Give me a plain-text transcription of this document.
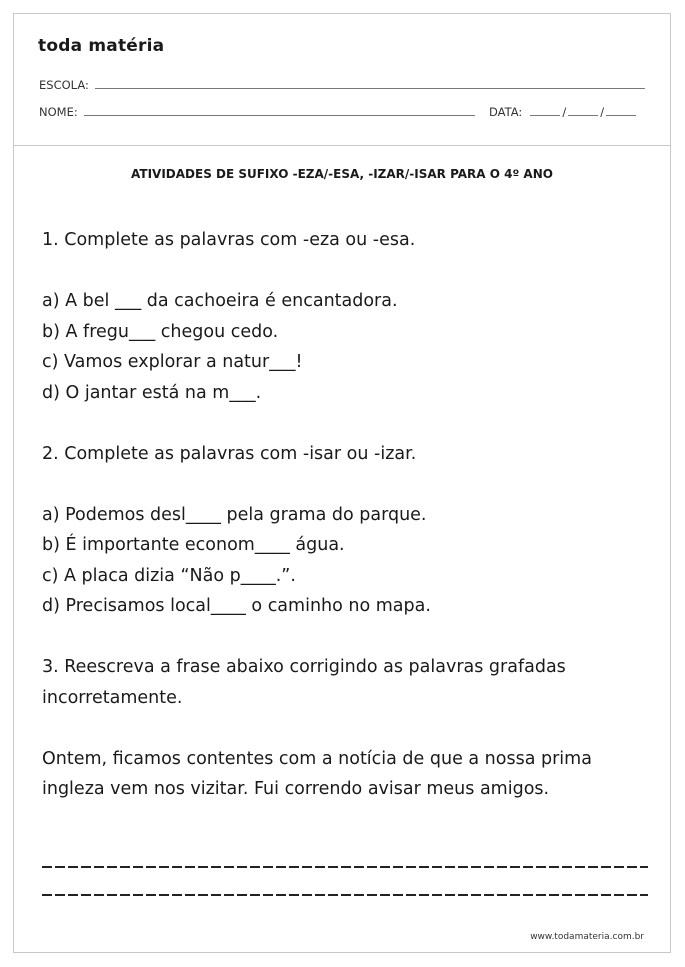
toda matéria
ESCOLA:
NOME:	DATA:	/	/
ATIVIDADES DE SUFIXO -EZA/-ESA, -IZAR/-ISAR PARA O 4º ANO

1. Complete as palavras com -eza ou -esa.

a) A bel ___ da cachoeira é encantadora.

b) A fregu___ chegou cedo.

c) Vamos explorar a natur___!

d) O jantar está na m___.

2. Complete as palavras com -isar ou -izar.

a) Podemos desl____ pela grama do parque.

b) É importante econom____ água.

c) A placa dizia “Não p____.”.

d) Precisamos local____ o caminho no mapa.

3. Reescreva a frase abaixo corrigindo as palavras grafadas incorretamente.

Ontem, ficamos contentes com a notícia de que a nossa prima ingleza vem nos vizitar. Fui correndo avisar meus amigos.

www.todamateria.com.br
